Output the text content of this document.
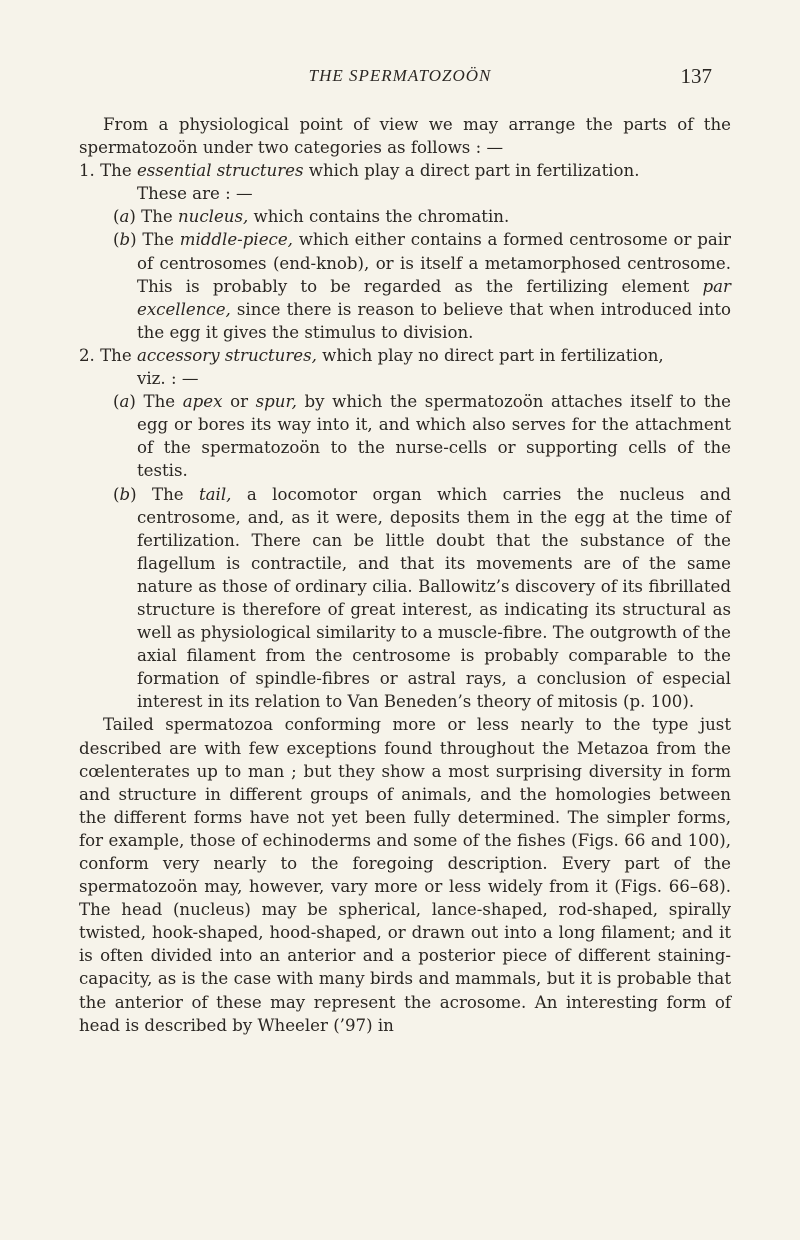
THE SPERMATOZOÖN	137

From a physiological point of view we may arrange the parts of the spermatozoön under two categories as follows : —

1. The essential structures which play a direct part in fertilization.

These are : —

(a) The nucleus, which contains the chromatin.

(b) The middle-piece, which either contains a formed centrosome or pair of centrosomes (end-knob), or is itself a metamorphosed centrosome. This is probably to be regarded as the fertilizing element par excellence, since there is reason to believe that when introduced into the egg it gives the stimulus to division.

2. The accessory structures, which play no direct part in fertilization,

viz. : —

(a) The apex or spur, by which the spermatozoön attaches itself to the egg or bores its way into it, and which also serves for the attachment of the spermatozoön to the nurse-cells or supporting cells of the testis.

(b) The tail, a locomotor organ which carries the nucleus and centrosome, and, as it were, deposits them in the egg at the time of fertilization. There can be little doubt that the substance of the flagellum is contractile, and that its movements are of the same nature as those of ordinary cilia. Ballowitz’s discovery of its fibrillated structure is therefore of great interest, as indicating its structural as well as physiological similarity to a muscle-fibre. The outgrowth of the axial filament from the centrosome is probably comparable to the formation of spindle-fibres or astral rays, a conclusion of especial interest in its relation to Van Beneden’s theory of mitosis (p. 100).

Tailed spermatozoa conforming more or less nearly to the type just described are with few exceptions found throughout the Metazoa from the cœlenterates up to man ; but they show a most surprising diversity in form and structure in different groups of animals, and the homologies between the different forms have not yet been fully determined. The simpler forms, for example, those of echinoderms and some of the fishes (Figs. 66 and 100), conform very nearly to the foregoing description. Every part of the spermatozoön may, however, vary more or less widely from it (Figs. 66–68). The head (nucleus) may be spherical, lance-shaped, rod-shaped, spirally twisted, hook-shaped, hood-shaped, or drawn out into a long filament; and it is often divided into an anterior and a posterior piece of different staining-capacity, as is the case with many birds and mammals, but it is probable that the anterior of these may represent the acrosome. An interesting form of head is described by Wheeler (’97) in
